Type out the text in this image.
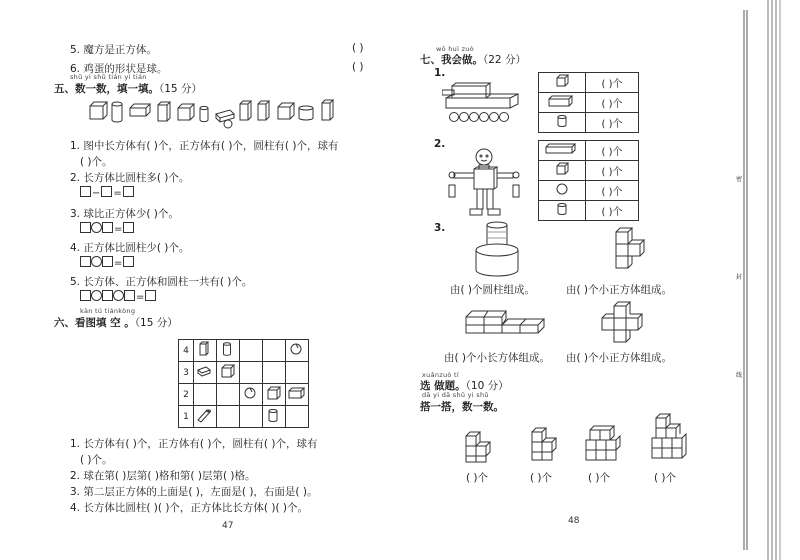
5. 魔方是正方体。	( )
6. 鸡蛋的形状是球。	( )
shǔ yi shǔ tián yi tián
五、数一数，填一填。（15 分）
1. 图中长方体有( )个，正方体有( )个，圆柱有( )个，球有
( )个。
2. 长方体比圆柱多( )个。
− =
3. 球比正方体少( )个。
=
4. 正方体比圆柱少( )个。
=
5. 长方体、正方体和圆柱一共有( )个。
=
kàn tú tiánkòng
六、看图填 空 。（15 分）
4					
3					
2					
1					
1. 长方体有( )个，正方体有( )个，圆柱有( )个，球有
( )个。
2. 球在第( )层第( )格和第( )层第( )格。
3. 第二层正方体的上面是( )，左面是( )，右面是( )。
4. 长方体比圆柱( )( )个，正方体比长方体( )( )个。
47
wǒ huì zuò
七、我会做。（22 分）
1.
	( )个
	( )个
	( )个
2.
	( )个
	( )个
	( )个
	( )个
3.
由( )个圆柱组成。	由( )个小正方体组成。
由( )个小长方体组成。 由( )个小正方体组成。
xuǎnzuò tí
选 做题。（10 分）
dā yi dā shǔ yi shǔ
搭一搭，数一数。
( )个	( )个	( )个	( )个
48
密
封
线
